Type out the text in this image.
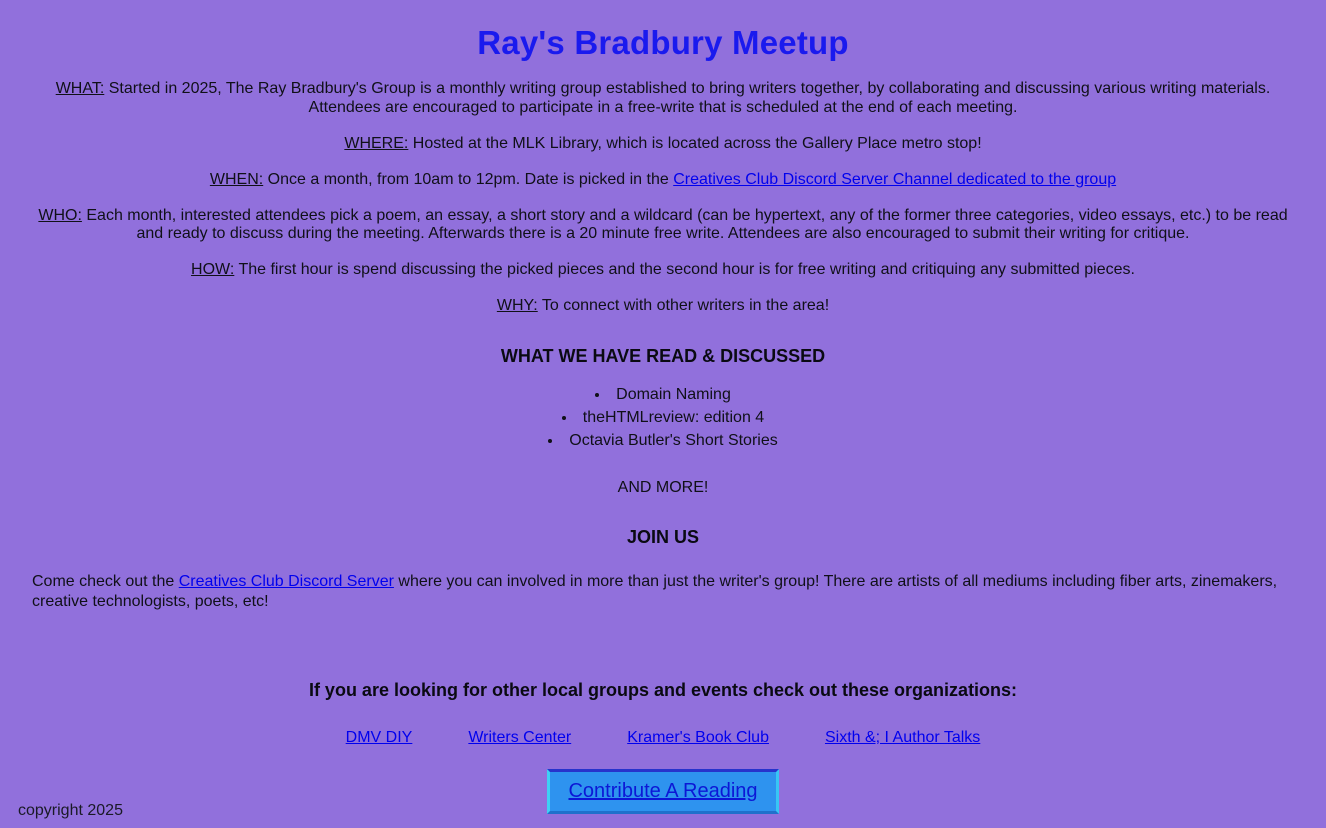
Ray's Bradbury Meetup

WHAT: Started in 2025, The Ray Bradbury's Group is a monthly writing group established to bring writers together, by collaborating and discussing various writing materials. Attendees are encouraged to participate in a free-write that is scheduled at the end of each meeting.

WHERE: Hosted at the MLK Library, which is located across the Gallery Place metro stop!

WHEN: Once a month, from 10am to 12pm. Date is picked in the Creatives Club Discord Server Channel dedicated to the group

WHO: Each month, interested attendees pick a poem, an essay, a short story and a wildcard (can be hypertext, any of the former three categories, video essays, etc.) to be read and ready to discuss during the meeting. Afterwards there is a 20 minute free write. Attendees are also encouraged to submit their writing for critique.

HOW: The first hour is spend discussing the picked pieces and the second hour is for free writing and critiquing any submitted pieces.

WHY: To connect with other writers in the area!

WHAT WE HAVE READ & DISCUSSED
• Domain Naming
• theHTMLreview: edition 4
• Octavia Butler's Short Stories

AND MORE!

JOIN US

Come check out the Creatives Club Discord Server where you can involved in more than just the writer's group! There are artists of all mediums including fiber arts, zinemakers, creative technologists, poets, etc!

If you are looking for other local groups and events check out these organizations:
DMV DIY	Writers Center	Kramer's Book Club	Sixth &; I Author Talks
Contribute A Reading
copyright 2025
